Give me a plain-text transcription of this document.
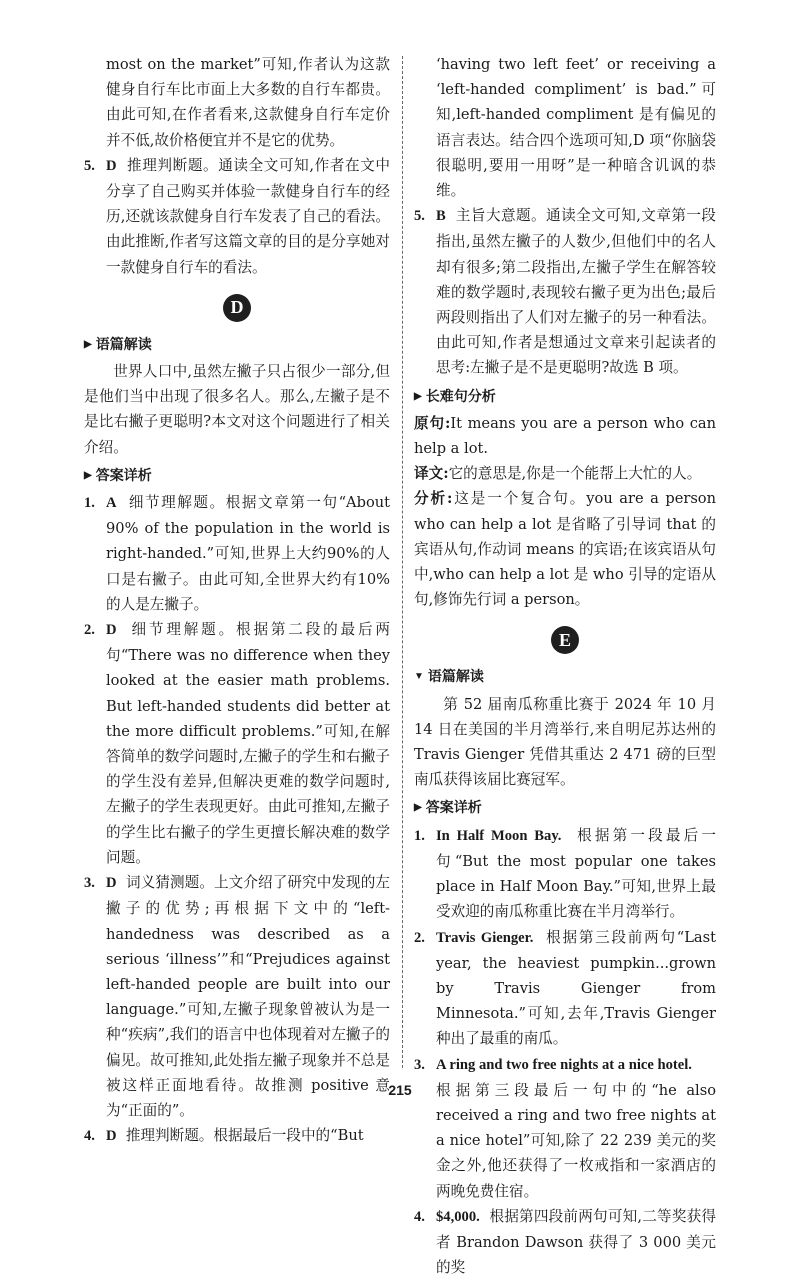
most on the market”可知,作者认为这款健身自行车比市面上大多数的自行车都贵。由此可知,在作者看来,这款健身自行车定价并不低,故价格便宜并不是它的优势。

5. D 推理判断题。通读全文可知,作者在文中分享了自己购买并体验一款健身自行车的经历,还就该款健身自行车发表了自己的看法。由此推断,作者写这篇文章的目的是分享她对一款健身自行车的看法。
D
▶ 语篇解读

世界人口中,虽然左撇子只占很少一部分,但是他们当中出现了很多名人。那么,左撇子是不是比右撇子更聪明?本文对这个问题进行了相关介绍。

▶ 答案详析
1. A 细节理解题。根据文章第一句“About 90% of the population in the world is right-handed.”可知,世界上大约90%的人口是右撇子。由此可知,全世界大约有10%的人是左撇子。
2. D 细节理解题。根据第二段的最后两句“There was no difference when they looked at the easier math problems. But left-handed students did better at the more difficult problems.”可知,在解答简单的数学问题时,左撇子的学生和右撇子的学生没有差异,但解决更难的数学问题时,左撇子的学生表现更好。由此可推知,左撇子的学生比右撇子的学生更擅长解决难的数学问题。
3. D 词义猜测题。上文介绍了研究中发现的左撇子的优势;再根据下文中的“left-handedness was described as a serious ‘illness’”和“Prejudices against left-handed people are built into our language.”可知,左撇子现象曾被认为是一种“疾病”,我们的语言中也体现着对左撇子的偏见。故可推知,此处指左撇子现象并不总是被这样正面地看待。故推测 positive 意为“正面的”。
4. D 推理判断题。根据最后一段中的“But

‘having two left feet’ or receiving a ‘left-handed compliment’ is bad.”可知,left-handed compliment 是有偏见的语言表达。结合四个选项可知,D 项“你脑袋很聪明,要用一用呀”是一种暗含讥讽的恭维。

5. B 主旨大意题。通读全文可知,文章第一段指出,虽然左撇子的人数少,但他们中的名人却有很多;第二段指出,左撇子学生在解答较难的数学题时,表现较右撇子更为出色;最后两段则指出了人们对左撇子的另一种看法。由此可知,作者是想通过文章来引起读者的思考:左撇子是不是更聪明?故选 B 项。
▶ 长难句分析

原句:It means you are a person who can help a lot.

译文:它的意思是,你是一个能帮上大忙的人。

分析:这是一个复合句。you are a person who can help a lot 是省略了引导词 that 的宾语从句,作动词 means 的宾语;在该宾语从句中,who can help a lot 是 who 引导的定语从句,修饰先行词 a person。

E
▼ 语篇解读

第 52 届南瓜称重比赛于 2024 年 10 月 14 日在美国的半月湾举行,来自明尼苏达州的 Travis Gienger 凭借其重达 2 471 磅的巨型南瓜获得该届比赛冠军。

▶ 答案详析
1. In Half Moon Bay. 根据第一段最后一句“But the most popular one takes place in Half Moon Bay.”可知,世界上最受欢迎的南瓜称重比赛在半月湾举行。
2. Travis Gienger. 根据第三段前两句“Last year, the heaviest pumpkin...grown by Travis Gienger from Minnesota.”可知,去年,Travis Gienger 种出了最重的南瓜。
3. A ring and two free nights at a nice hotel.
根据第三段最后一句中的“he also received a ring and two free nights at a nice hotel”可知,除了 22 239 美元的奖金之外,他还获得了一枚戒指和一家酒店的两晚免费住宿。
4. $4,000. 根据第四段前两句可知,二等奖获得者 Brandon Dawson 获得了 3 000 美元的奖
215
